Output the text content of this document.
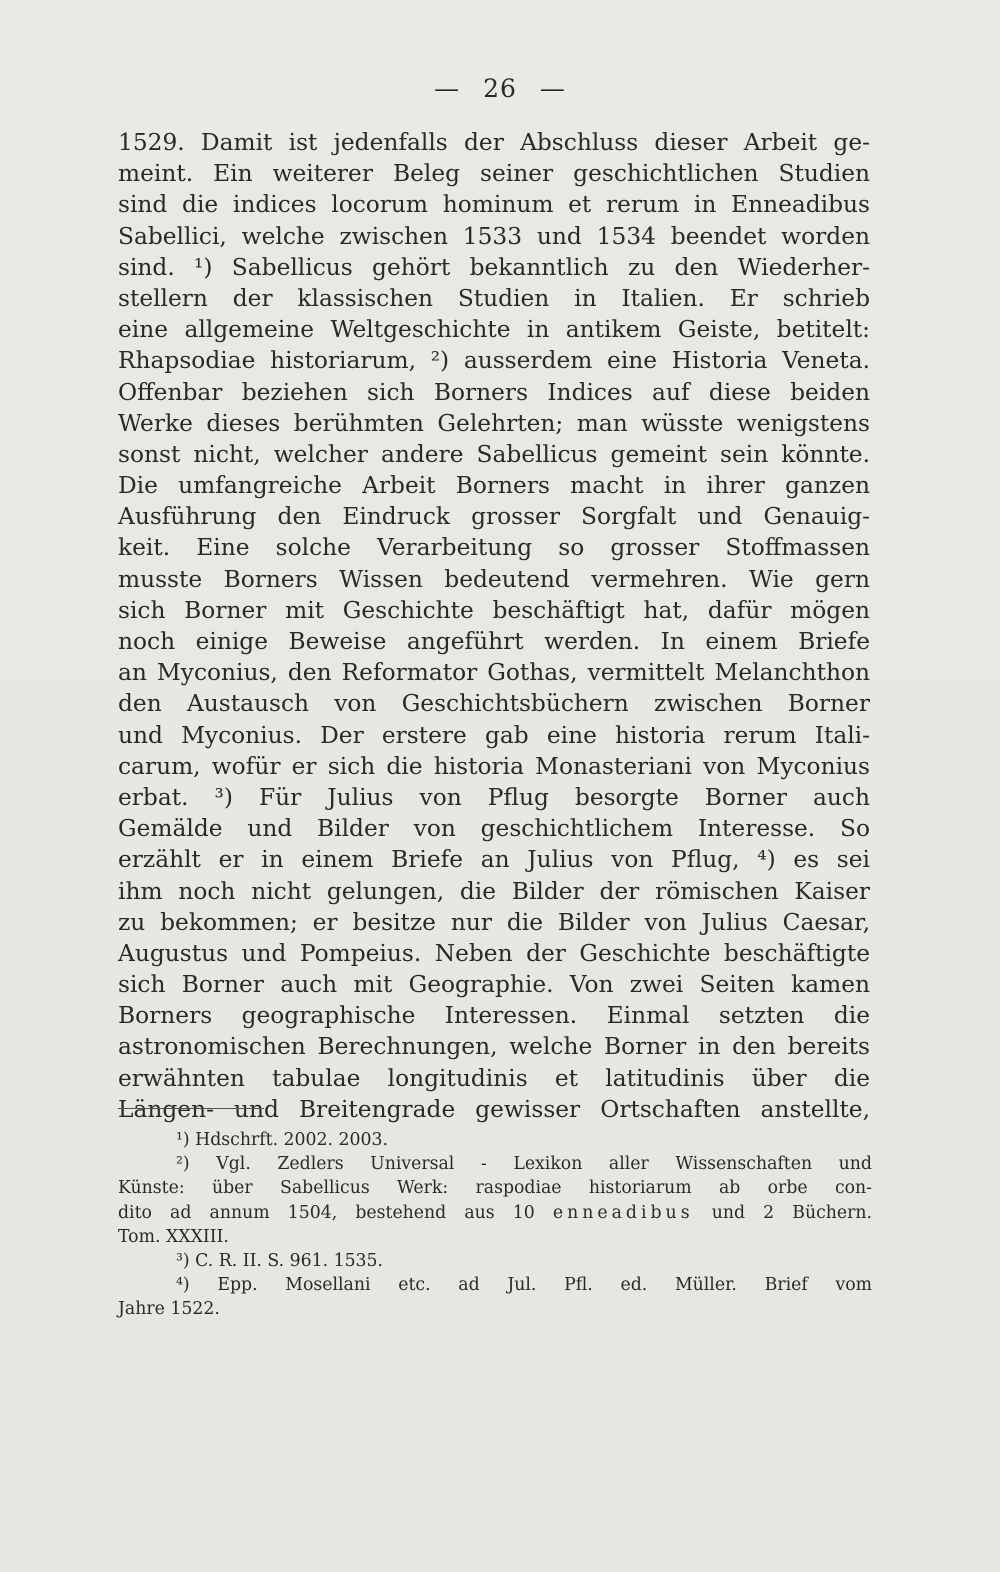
— 26 —
1529. Damit ist jedenfalls der Abschluss dieser Arbeit ge-
meint. Ein weiterer Beleg seiner geschichtlichen Studien
sind die indices locorum hominum et rerum in Enneadibus
Sabellici, welche zwischen 1533 und 1534 beendet worden
sind. ¹) Sabellicus gehört bekanntlich zu den Wiederher-
stellern der klassischen Studien in Italien. Er schrieb
eine allgemeine Weltgeschichte in antikem Geiste, betitelt:
Rhapsodiae historiarum, ²) ausserdem eine Historia Veneta.
Offenbar beziehen sich Borners Indices auf diese beiden
Werke dieses berühmten Gelehrten; man wüsste wenigstens
sonst nicht, welcher andere Sabellicus gemeint sein könnte.
Die umfangreiche Arbeit Borners macht in ihrer ganzen
Ausführung den Eindruck grosser Sorgfalt und Genauig-
keit. Eine solche Verarbeitung so grosser Stoffmassen
musste Borners Wissen bedeutend vermehren. Wie gern
sich Borner mit Geschichte beschäftigt hat, dafür mögen
noch einige Beweise angeführt werden. In einem Briefe
an Myconius, den Reformator Gothas, vermittelt Melanchthon
den Austausch von Geschichtsbüchern zwischen Borner
und Myconius. Der erstere gab eine historia rerum Itali-
carum, wofür er sich die historia Monasteriani von Myconius
erbat. ³) Für Julius von Pflug besorgte Borner auch
Gemälde und Bilder von geschichtlichem Interesse. So
erzählt er in einem Briefe an Julius von Pflug, ⁴) es sei
ihm noch nicht gelungen, die Bilder der römischen Kaiser
zu bekommen; er besitze nur die Bilder von Julius Caesar,
Augustus und Pompeius. Neben der Geschichte beschäftigte
sich Borner auch mit Geographie. Von zwei Seiten kamen
Borners geographische Interessen. Einmal setzten die
astronomischen Berechnungen, welche Borner in den bereits
erwähnten tabulae longitudinis et latitudinis über die
Längen- und Breitengrade gewisser Ortschaften anstellte,
¹) Hdschrft. 2002. 2003.
²) Vgl. Zedlers Universal - Lexikon aller Wissenschaften und
Künste: über Sabellicus Werk: raspodiae historiarum ab orbe con-
dito ad annum 1504, bestehend aus 10 enneadibus und 2 Büchern.
Tom. XXXIII.
³) C. R. II. S. 961. 1535.
⁴) Epp. Mosellani etc. ad Jul. Pfl. ed. Müller. Brief vom
Jahre 1522.
